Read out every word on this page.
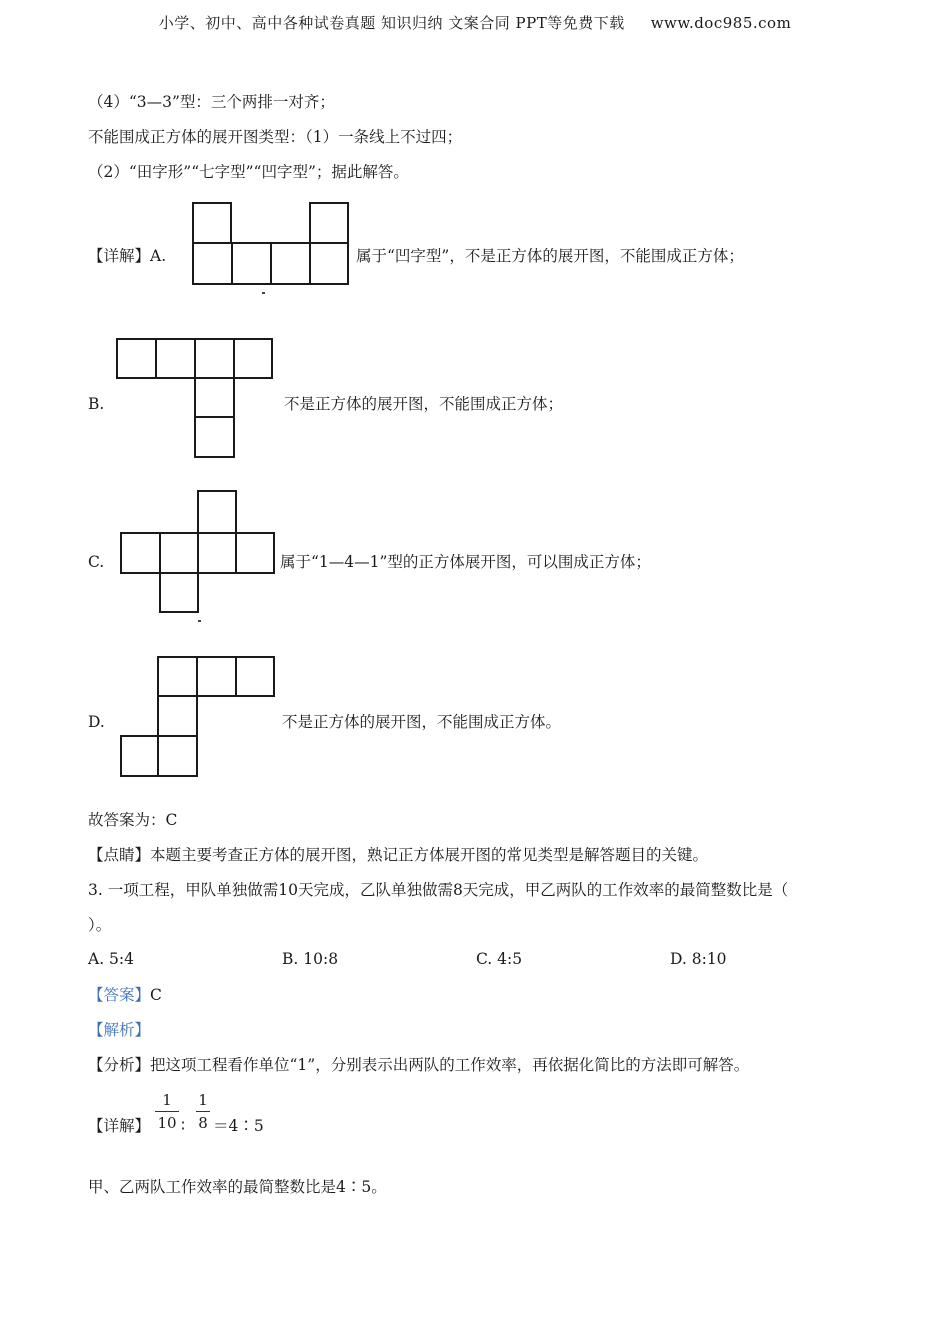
小学、初中、高中各种试卷真题 知识归纳 文案合同 PPT等免费下载 www.doc985.com
（4）“3—3”型：三个两排一对齐；
不能围成正方体的展开图类型：（1）一条线上不过四；
（2）“田字形”“七字型”“凹字型”；据此解答。
【详解】A.	属于“凹字型”，不是正方体的展开图，不能围成正方体；
B.	不是正方体的展开图，不能围成正方体；
C.	属于“1—4—1”型的正方体展开图，可以围成正方体；
D.	不是正方体的展开图，不能围成正方体。
故答案为：C
【点睛】本题主要考查正方体的展开图，熟记正方体展开图的常见类型是解答题目的关键。
3. 一项工程，甲队单独做需10天完成，乙队单独做需8天完成，甲乙两队的工作效率的最简整数比是（
）。
A. 5:4	B. 10:8	C. 4:5	D. 8:10
【答案】C
【解析】
【分析】把这项工程看作单位“1”，分别表示出两队的工作效率，再依据化简比的方法即可解答。
【详解】
1
10 ∶
1
8 ＝4∶5
甲、乙两队工作效率的最简整数比是4∶5。
